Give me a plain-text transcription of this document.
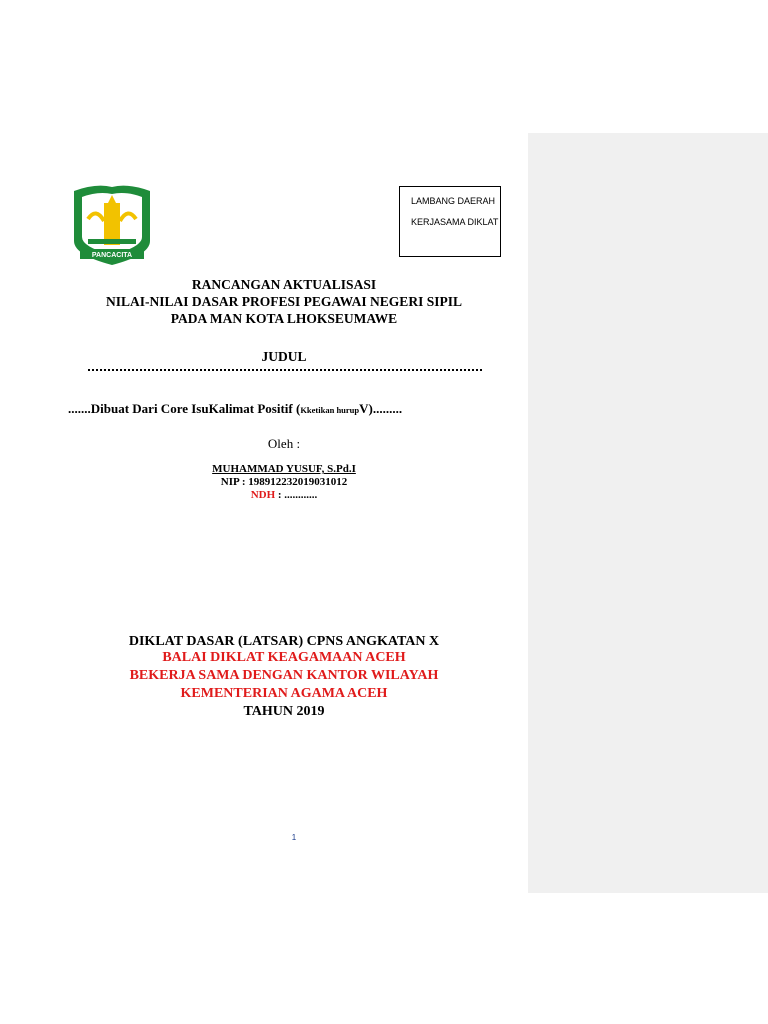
PANCACITA
LAMBANG DAERAH
KERJASAMA DIKLAT
RANCANGAN AKTUALISASI
NILAI-NILAI DASAR PROFESI PEGAWAI NEGERI SIPIL
PADA MAN KOTA LHOKSEUMAWE
JUDUL
.......Dibuat Dari Core IsuKalimat Positif (Kketikan hurupV).........
Oleh :
MUHAMMAD YUSUF, S.Pd.I
NIP : 198912232019031012
NDH : ............
DIKLAT DASAR (LATSAR) CPNS ANGKATAN X
BALAI DIKLAT KEAGAMAAN ACEH
BEKERJA SAMA DENGAN KANTOR WILAYAH
KEMENTERIAN AGAMA ACEH
TAHUN 2019
1
